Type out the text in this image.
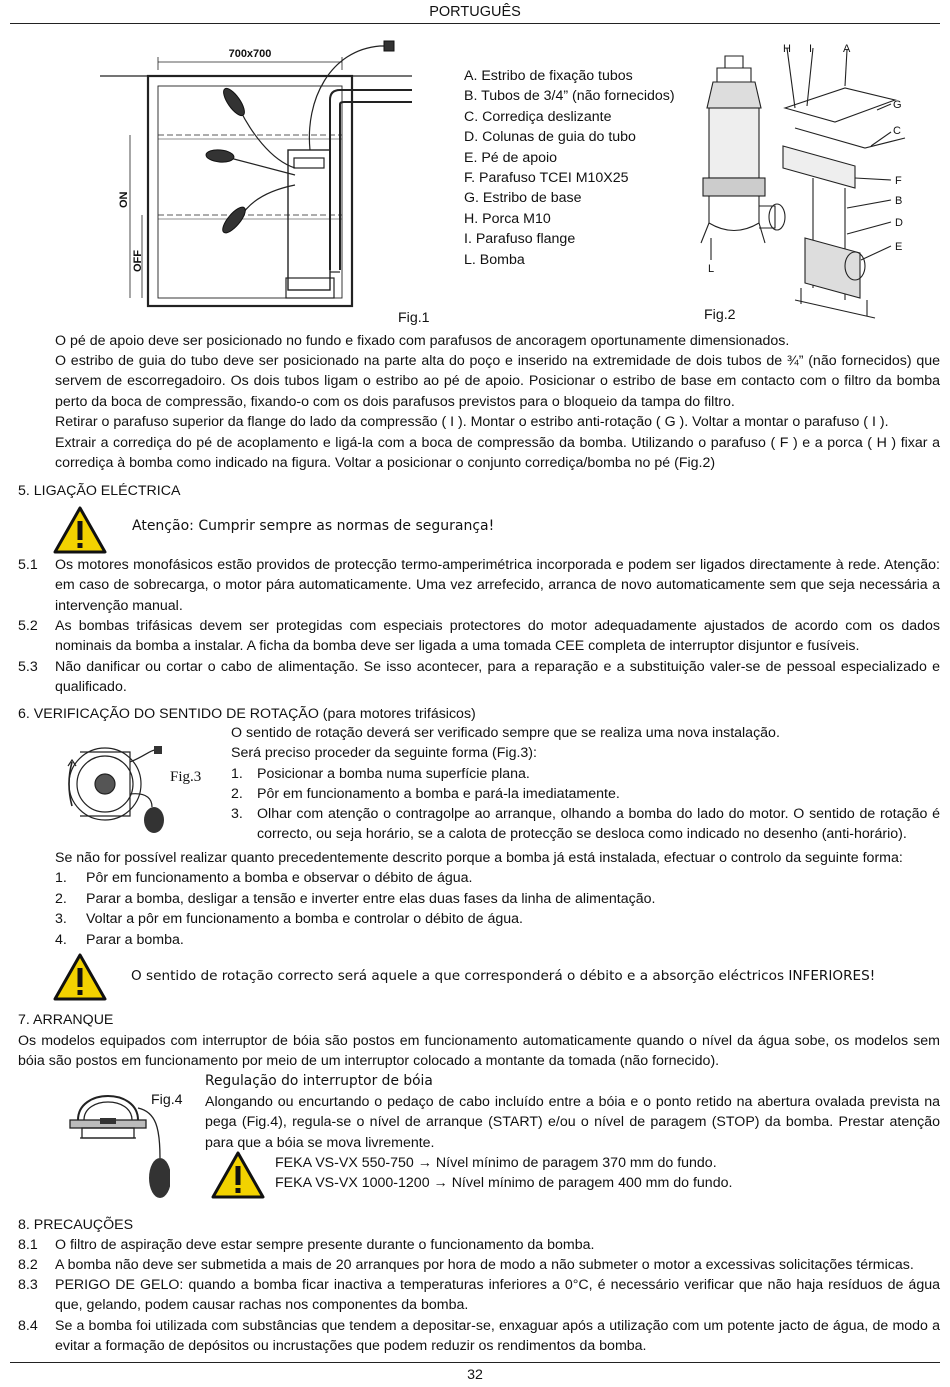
PORTUGUÊS
700x700
ON
OFF
Fig.1
A. Estribo de fixação tubos
B. Tubos de 3/4” (não fornecidos)
C. Corrediça deslizante
D. Colunas de guia do tubo
E. Pé de apoio
F. Parafuso TCEI M10X25
G. Estribo de base
H. Porca M10
I. Parafuso flange
L. Bomba
H I	A
G
C
F
B
D
E
L
Fig.2
O pé de apoio deve ser posicionado no fundo e fixado com parafusos de ancoragem oportunamente dimensionados.
O estribo de guia do tubo deve ser posicionado na parte alta do poço e inserido na extremidade de dois tubos de ¾” (não fornecidos) que servem de escorregadoiro. Os dois tubos ligam o estribo ao pé de apoio. Posicionar o estribo de base em contacto com o filtro da bomba perto da boca de compressão, fixando-o com os dois parafusos previstos para o bloqueio da tampa do filtro.
Retirar o parafuso superior da flange do lado da compressão ( I ). Montar o estribo anti-rotação ( G ). Voltar a montar o parafuso ( I ).
Extrair a corrediça do pé de acoplamento e ligá-la com a boca de compressão da bomba. Utilizando o parafuso ( F ) e a porca ( H ) fixar a corrediça à bomba como indicado na figura. Voltar a posicionar o conjunto corrediça/bomba no pé (Fig.2)
5. LIGAÇÃO ELÉCTRICA
Atenção: Cumprir sempre as normas de segurança!
5.1 Os motores monofásicos estão providos de protecção termo-amperimétrica incorporada e podem ser ligados directamente à rede. Atenção: em caso de sobrecarga, o motor pára automaticamente. Uma vez arrefecido, arranca de novo automaticamente sem que seja necessária a intervenção manual.
5.2 As bombas trifásicas devem ser protegidas com especiais protectores do motor adequadamente ajustados de acordo com os dados nominais da bomba a instalar. A ficha da bomba deve ser ligada a uma tomada CEE completa de interruptor disjuntor e fusíveis.
5.3 Não danificar ou cortar o cabo de alimentação. Se isso acontecer, para a reparação e a substituição valer-se de pessoal especializado e qualificado.
6. VERIFICAÇÃO DO SENTIDO DE ROTAÇÃO (para motores trifásicos)
Fig.3
O sentido de rotação deverá ser verificado sempre que se realiza uma nova instalação.
Será preciso proceder da seguinte forma (Fig.3):
1. Posicionar a bomba numa superfície plana.
2. Pôr em funcionamento a bomba e pará-la imediatamente.
3. Olhar com atenção o contragolpe ao arranque, olhando a bomba do lado do motor. O sentido de rotação é correcto, ou seja horário, se a calota de protecção se desloca como indicado no desenho (anti-horário).
Se não for possível realizar quanto precedentemente descrito porque a bomba já está instalada, efectuar o controlo da seguinte forma:
1. Pôr em funcionamento a bomba e observar o débito de água.
2. Parar a bomba, desligar a tensão e inverter entre elas duas fases da linha de alimentação.
3. Voltar a pôr em funcionamento a bomba e controlar o débito de água.
4. Parar a bomba.
O sentido de rotação correcto será aquele a que corresponderá o débito e a absorção eléctricos INFERIORES!
7. ARRANQUE
Os modelos equipados com interruptor de bóia são postos em funcionamento automaticamente quando o nível da água sobe, os modelos sem bóia são postos em funcionamento por meio de um interruptor colocado a montante da tomada (não fornecido).
Fig.4
Regulação do interruptor de bóia
Alongando ou encurtando o pedaço de cabo incluído entre a bóia e o ponto retido na abertura ovalada prevista na pega (Fig.4), regula-se o nível de arranque (START) e/ou o nível de paragem (STOP) da bomba. Prestar atenção para que a bóia se mova livremente.
FEKA VS-VX 550-750 → Nível mínimo de paragem 370 mm do fundo.
FEKA VS-VX 1000-1200 → Nível mínimo de paragem 400 mm do fundo.
8. PRECAUÇÕES
8.1 O filtro de aspiração deve estar sempre presente durante o funcionamento da bomba.
8.2 A bomba não deve ser submetida a mais de 20 arranques por hora de modo a não submeter o motor a excessivas solicitações térmicas.
8.3 PERIGO DE GELO: quando a bomba ficar inactiva a temperaturas inferiores a 0°C, é necessário verificar que não haja resíduos de água que, gelando, podem causar rachas nos componentes da bomba.
8.4 Se a bomba foi utilizada com substâncias que tendem a depositar-se, enxaguar após a utilização com um potente jacto de água, de modo a evitar a formação de depósitos ou incrustações que podem reduzir os rendimentos da bomba.
32
